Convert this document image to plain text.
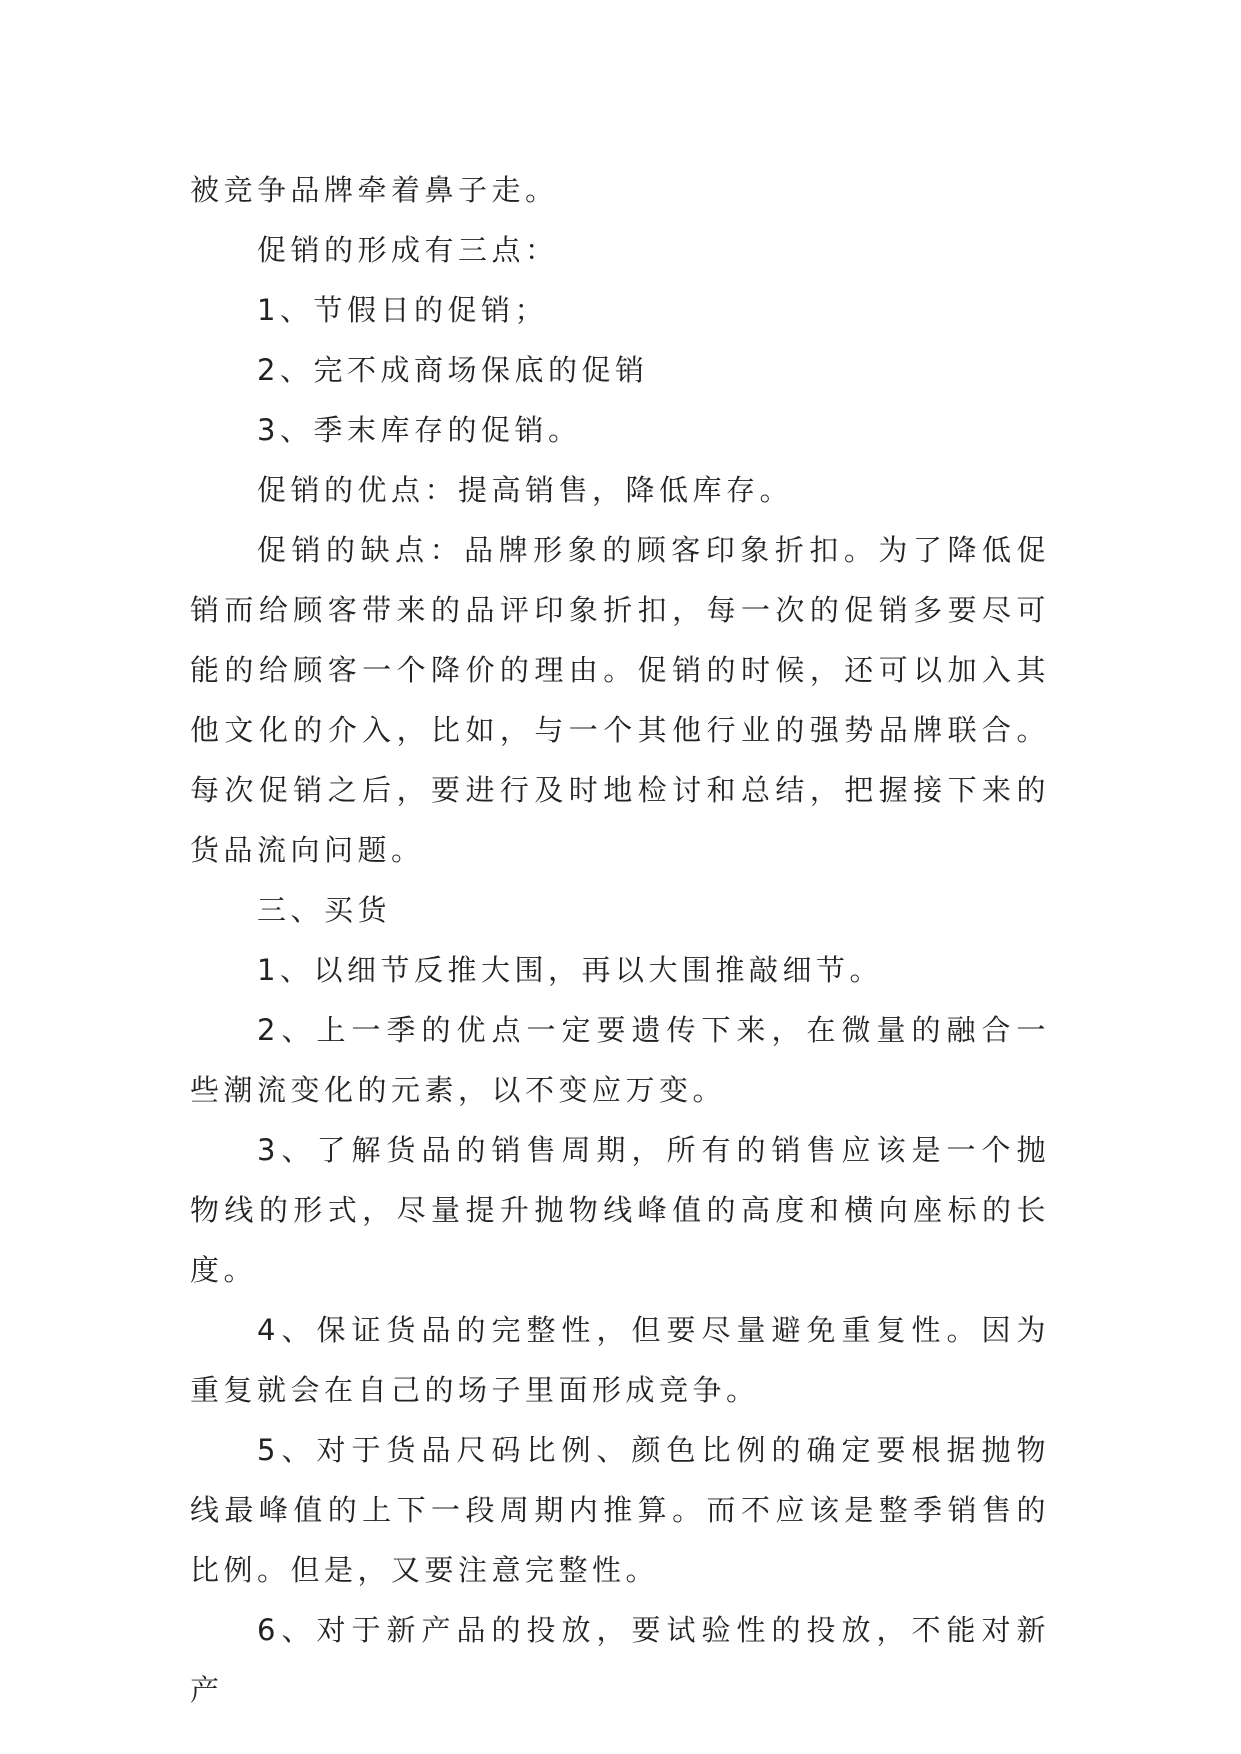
被竞争品牌牵着鼻子走。

促销的形成有三点：

1、节假日的促销；

2、完不成商场保底的促销

3、季末库存的促销。

促销的优点：提高销售，降低库存。

促销的缺点：品牌形象的顾客印象折扣。为了降低促销而给顾客带来的品评印象折扣，每一次的促销多要尽可能的给顾客一个降价的理由。促销的时候，还可以加入其他文化的介入，比如，与一个其他行业的强势品牌联合。每次促销之后，要进行及时地检讨和总结，把握接下来的货品流向问题。

三、买货

1、以细节反推大围，再以大围推敲细节。

2、上一季的优点一定要遗传下来，在微量的融合一些潮流变化的元素，以不变应万变。

3、了解货品的销售周期，所有的销售应该是一个抛物线的形式，尽量提升抛物线峰值的高度和横向座标的长度。

4、保证货品的完整性，但要尽量避免重复性。因为重复就会在自己的场子里面形成竞争。

5、对于货品尺码比例、颜色比例的确定要根据抛物线最峰值的上下一段周期内推算。而不应该是整季销售的比例。但是，又要注意完整性。

6、对于新产品的投放，要试验性的投放，不能对新产
